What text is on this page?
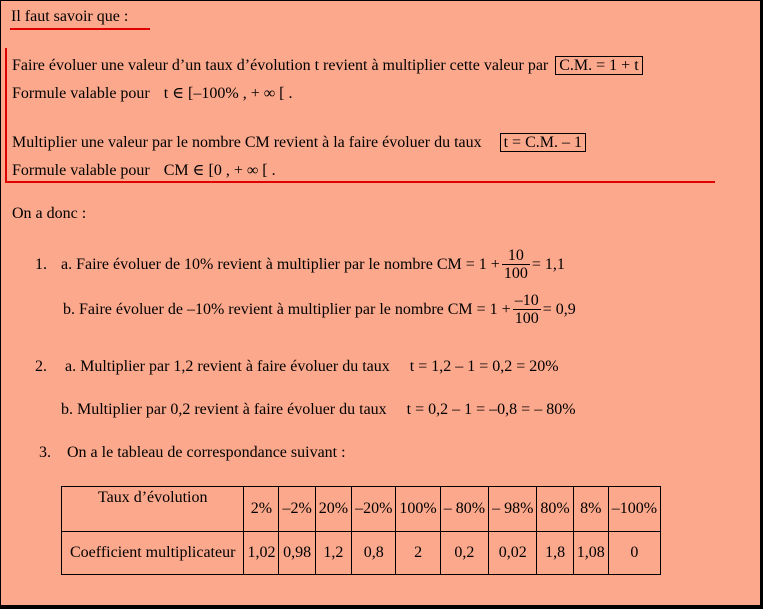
Il faut savoir que :
Faire évoluer une valeur d’un taux d’évolution t revient à multiplier cette valeur par C.M. = 1 + t
Formule valable pour t ∈ [–100% , + ∞ [ .
Multiplier une valeur par le nombre CM revient à la faire évoluer du taux t = C.M. – 1
Formule valable pour CM ∈ [0 , + ∞ [ .
On a donc :
1. a. Faire évoluer de 10% revient à multiplier par le nombre CM = $1 + \frac{10}{100} = 1,1$
b. Faire évoluer de –10% revient à multiplier par le nombre CM = $1 + \frac{-10}{100} = 0,9$
2. a. Multiplier par 1,2 revient à faire évoluer du taux t = 1,2 – 1 = 0,2 = 20%
b. Multiplier par 0,2 revient à faire évoluer du taux t = 0,2 – 1 = –0,8 = – 80%
3. On a le tableau de correspondance suivant :
Taux d’évolution	2%	–2%	20%	–20%	100%	– 80%	– 98%	80%	8%	–100%
Coefficient multiplicateur	1,02	0,98	1,2	0,8	2	0,2	0,02	1,8	1,08	0
